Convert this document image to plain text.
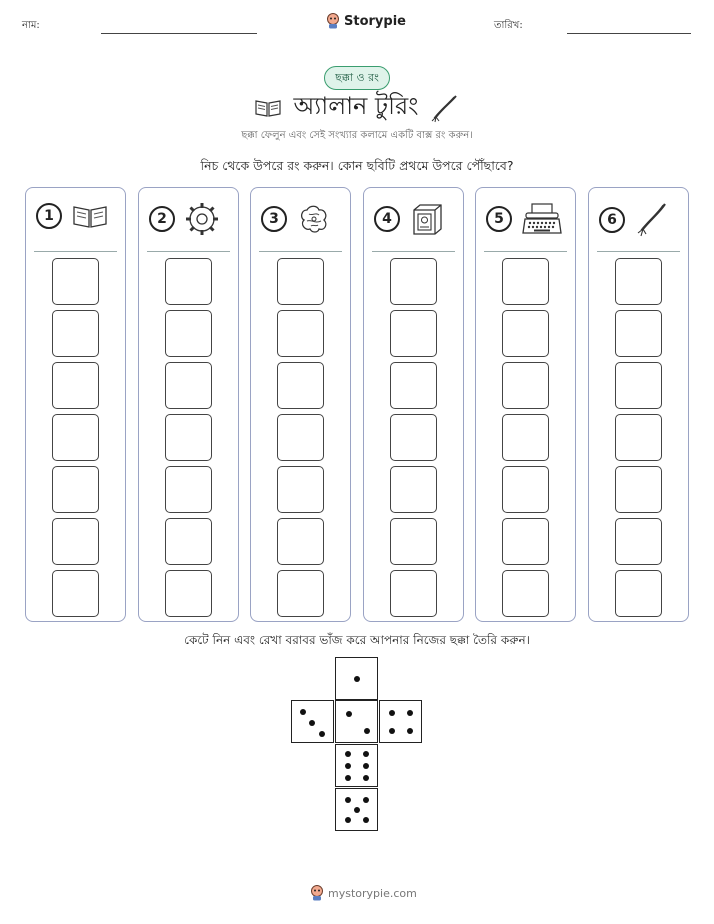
নাম:	Storypie	তারিখ:
ছক্কা ও রং
অ্যালান টুরিং
ছক্কা ফেলুন এবং সেই সংখ্যার কলামে একটি বাক্স রং করুন।
নিচ থেকে উপরে রং করুন। কোন ছবিটি প্রথমে উপরে পৌঁছাবে?
1	2	3	4	5	6
কেটে নিন এবং রেখা বরাবর ভাঁজ করে আপনার নিজের ছক্কা তৈরি করুন।
mystorypie.com
